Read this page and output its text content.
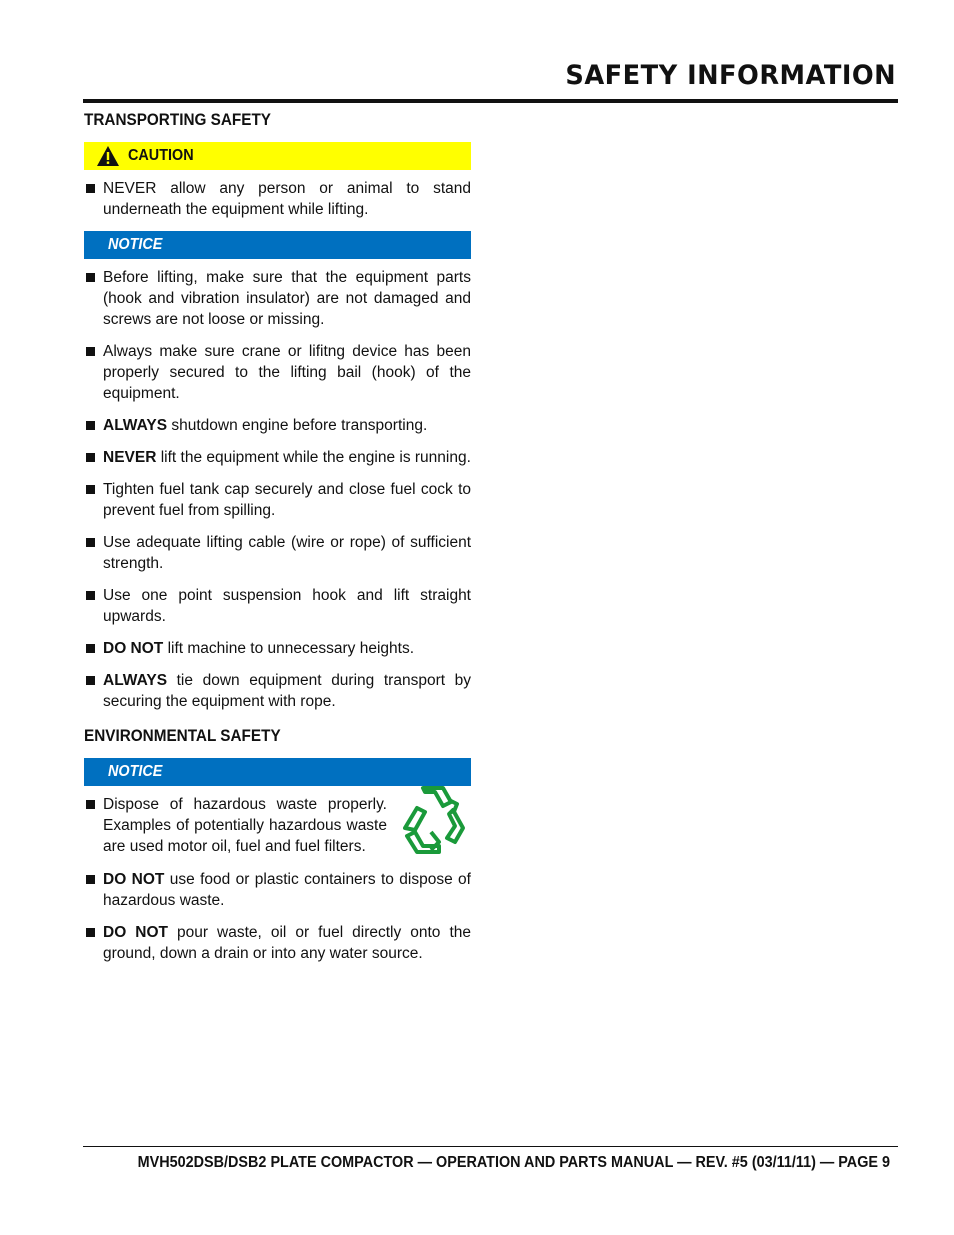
SAFETY INFORMATION
TRANSPORTING SAFETY
CAUTION
NEVER allow any person or animal to stand underneath the equipment while lifting.
NOTICE
Before lifting, make sure that the equipment parts (hook and vibration insulator) are not damaged and screws are not loose or missing.
Always make sure crane or lifitng device has been properly secured to the lifting bail (hook) of the equipment.
ALWAYS shutdown engine before transporting.
NEVER lift the equipment while the engine is running.
Tighten fuel tank cap securely and close fuel cock to prevent fuel from spilling.
Use adequate lifting cable (wire or rope) of sufficient strength.
Use one point suspension hook and lift straight upwards.
DO NOT lift machine to unnecessary heights.
ALWAYS tie down equipment during transport by securing the equipment with rope.
ENVIRONMENTAL SAFETY
NOTICE
Dispose of hazardous waste properly. Examples of potentially hazardous waste are used motor oil, fuel and fuel filters.
DO NOT use food or plastic containers to dispose of hazardous waste.
DO NOT pour waste, oil or fuel directly onto the ground, down a drain or into any water source.
MVH502DSB/DSB2 PLATE COMPACTOR — OPERATION AND PARTS MANUAL — REV. #5 (03/11/11) — PAGE 9
